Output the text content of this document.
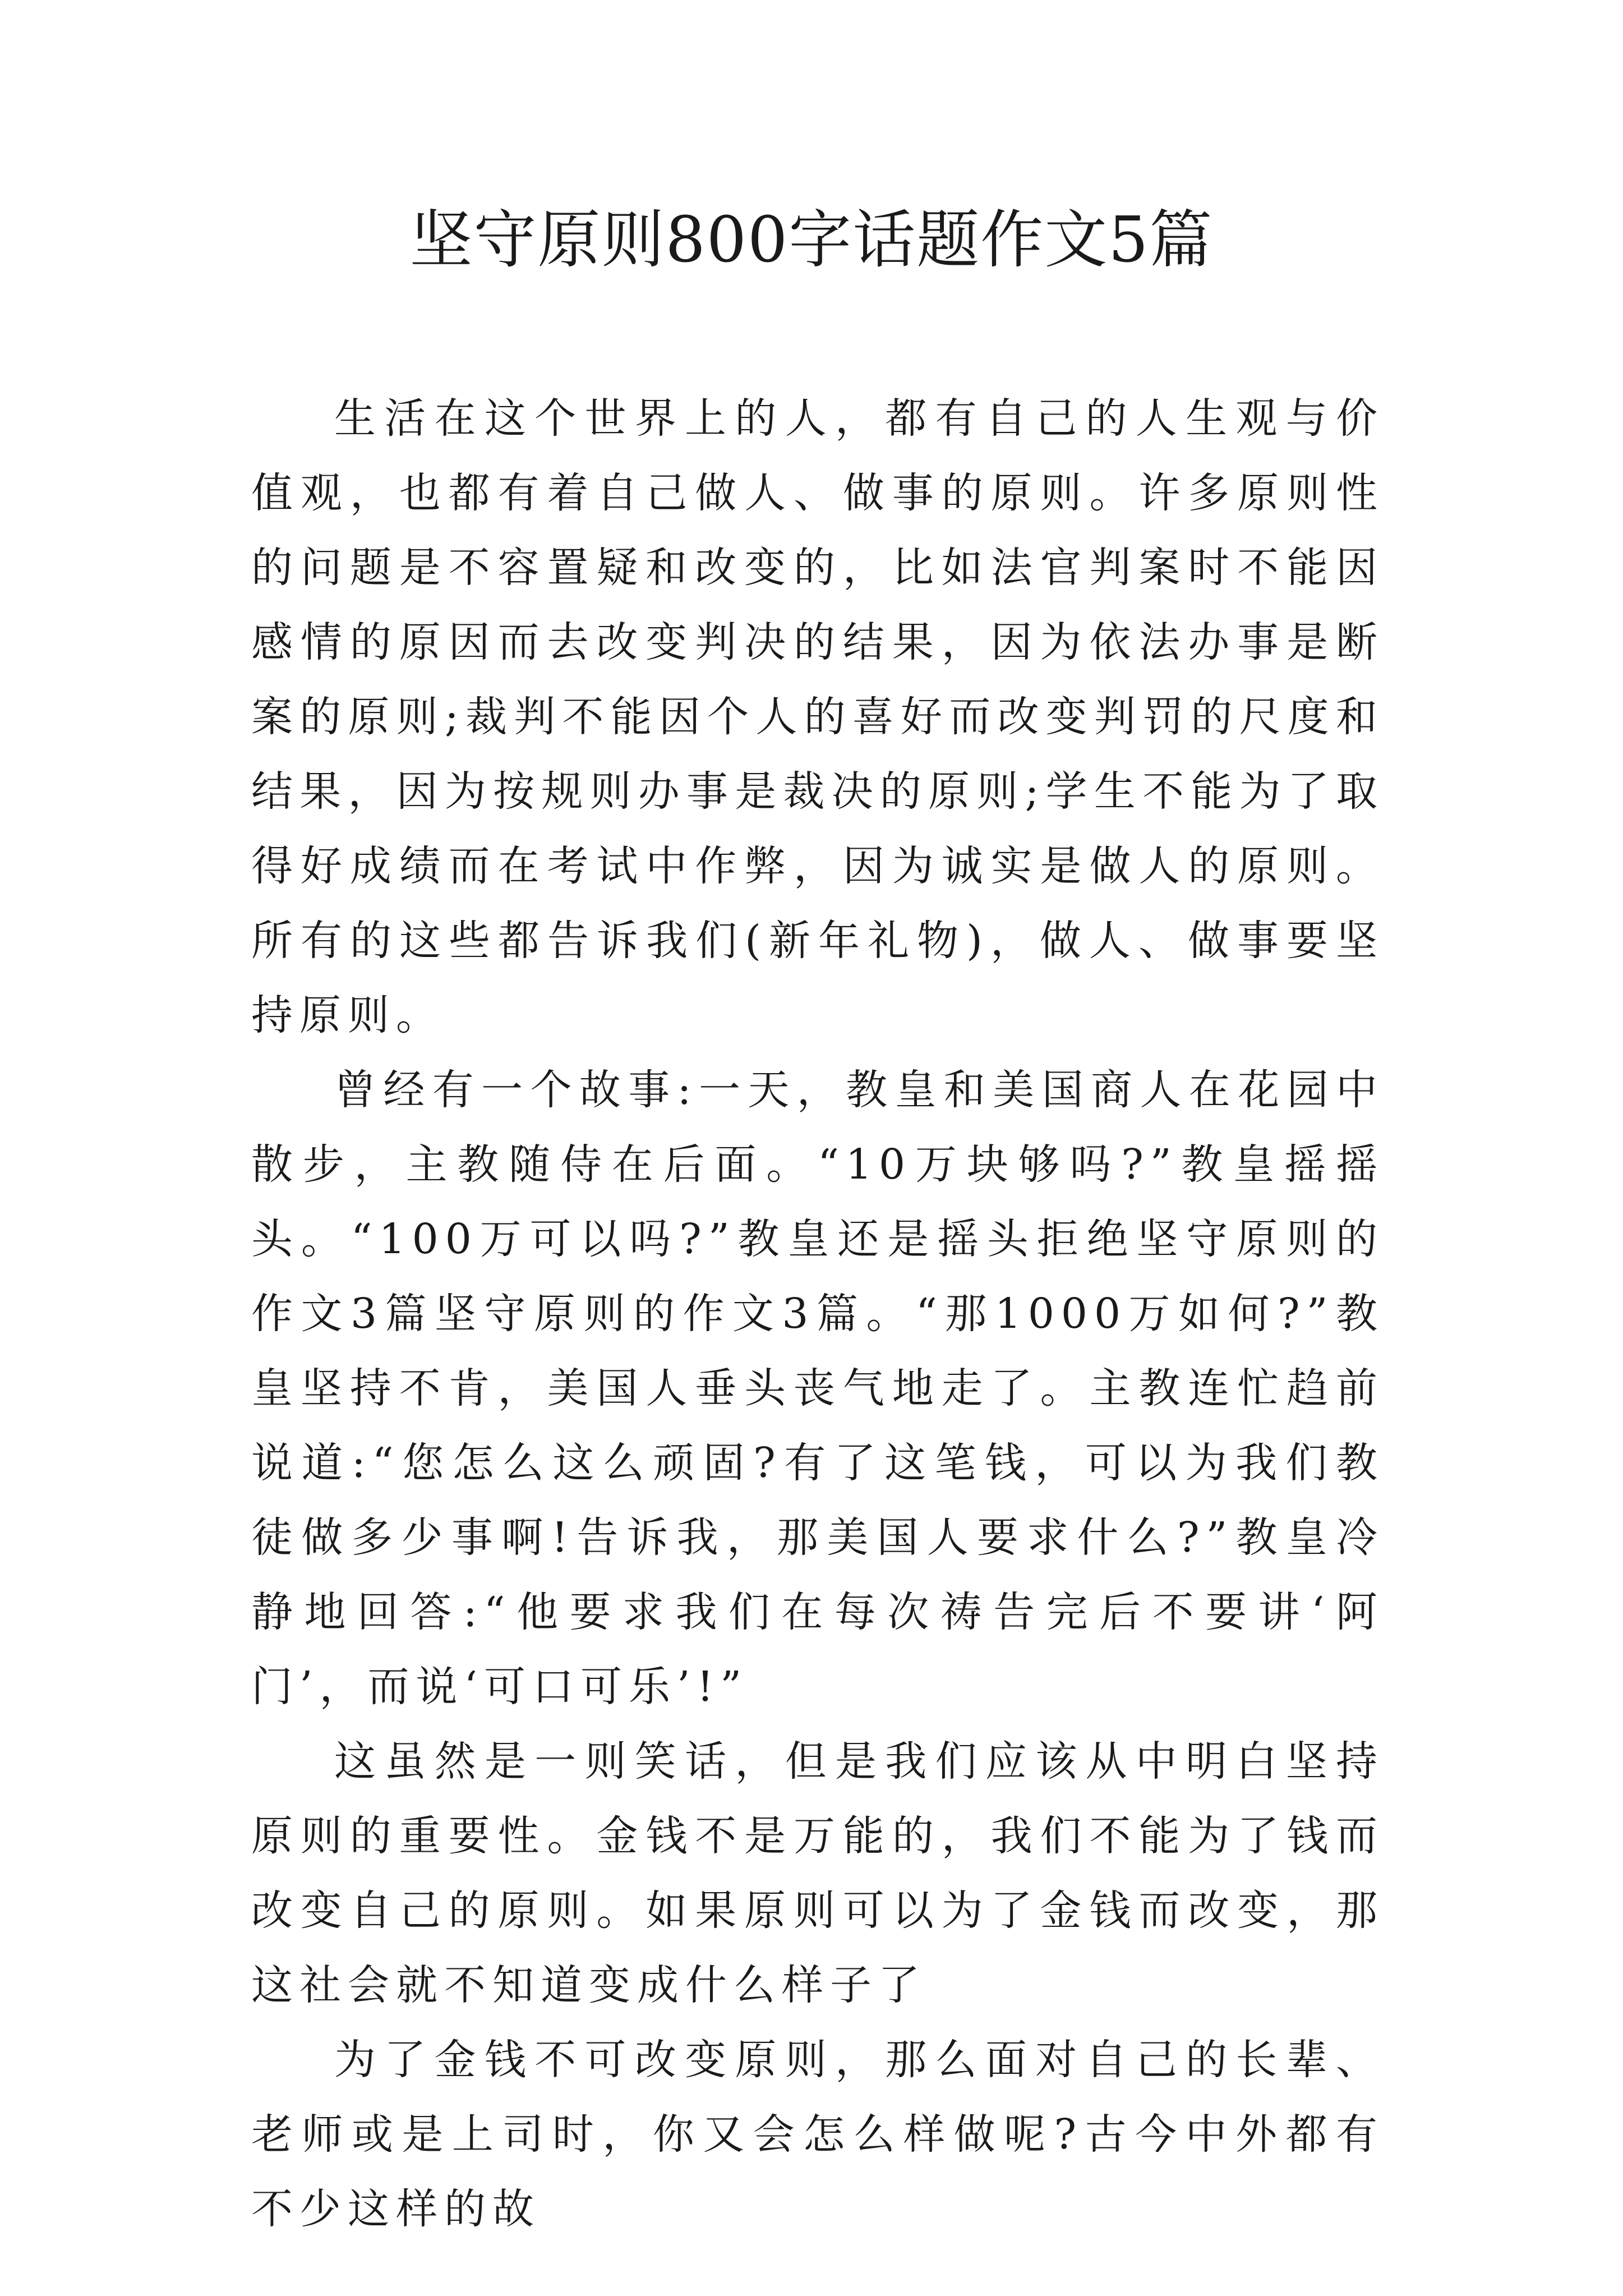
坚守原则800字话题作文5篇

生活在这个世界上的人，都有自己的人生观与价值观，也都有着自己做人、做事的原则。许多原则性的问题是不容置疑和改变的，比如法官判案时不能因感情的原因而去改变判决的结果，因为依法办事是断案的原则;裁判不能因个人的喜好而改变判罚的尺度和结果，因为按规则办事是裁决的原则;学生不能为了取得好成绩而在考试中作弊，因为诚实是做人的原则。所有的这些都告诉我们(新年礼物)，做人、做事要坚持原则。

曾经有一个故事:一天，教皇和美国商人在花园中散步，主教随侍在后面。“10万块够吗?”教皇摇摇头。“100万可以吗?”教皇还是摇头拒绝坚守原则的作文3篇坚守原则的作文3篇。“那1000万如何?”教皇坚持不肯，美国人垂头丧气地走了。主教连忙趋前说道:“您怎么这么顽固?有了这笔钱，可以为我们教徒做多少事啊!告诉我，那美国人要求什么?”教皇冷静地回答:“他要求我们在每次祷告完后不要讲‘阿门’，而说‘可口可乐’!”

这虽然是一则笑话，但是我们应该从中明白坚持原则的重要性。金钱不是万能的，我们不能为了钱而改变自己的原则。如果原则可以为了金钱而改变，那这社会就不知道变成什么样子了

为了金钱不可改变原则，那么面对自己的长辈、老师或是上司时，你又会怎么样做呢?古今中外都有不少这样的故
